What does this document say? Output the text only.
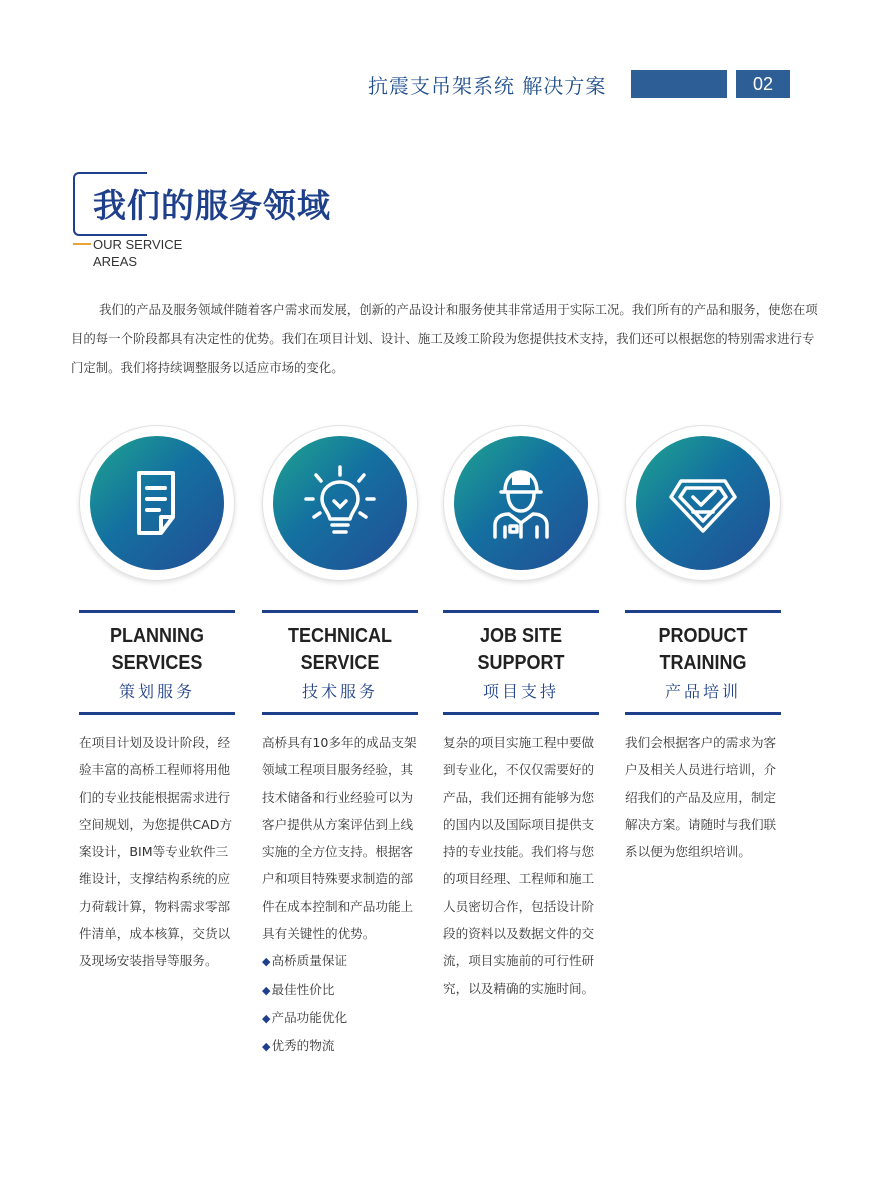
抗震支吊架系统 解决方案	02
我们的服务领域
OUR SERVICE
AREAS
我们的产品及服务领域伴随着客户需求而发展，创新的产品设计和服务使其非常适用于实际工况。我们所有的产品和服务，使您在项目的每一个阶段都具有决定性的优势。我们在项目计划、设计、施工及竣工阶段为您提供技术支持，我们还可以根据您的特别需求进行专门定制。我们将持续调整服务以适应市场的变化。
PLANNING
SERVICES
策划服务
在项目计划及设计阶段，经验丰富的高桥工程师将用他们的专业技能根据需求进行空间规划，为您提供CAD方案设计，BIM等专业软件三维设计，支撑结构系统的应力荷载计算，物料需求零部件清单，成本核算，交货以及现场安装指导等服务。
TECHNICAL
SERVICE
技术服务
高桥具有10多年的成品支架领域工程项目服务经验，其技术储备和行业经验可以为客户提供从方案评估到上线实施的全方位支持。根据客户和项目特殊要求制造的部件在成本控制和产品功能上具有关键性的优势。
◆高桥质量保证
◆最佳性价比
◆产品功能优化
◆优秀的物流
JOB SITE
SUPPORT
项目支持
复杂的项目实施工程中要做到专业化，不仅仅需要好的产品，我们还拥有能够为您的国内以及国际项目提供支持的专业技能。我们将与您的项目经理、工程师和施工人员密切合作，包括设计阶段的资料以及数据文件的交流，项目实施前的可行性研究，以及精确的实施时间。
PRODUCT
TRAINING
产品培训
我们会根据客户的需求为客户及相关人员进行培训，介绍我们的产品及应用，制定解决方案。请随时与我们联系以便为您组织培训。
